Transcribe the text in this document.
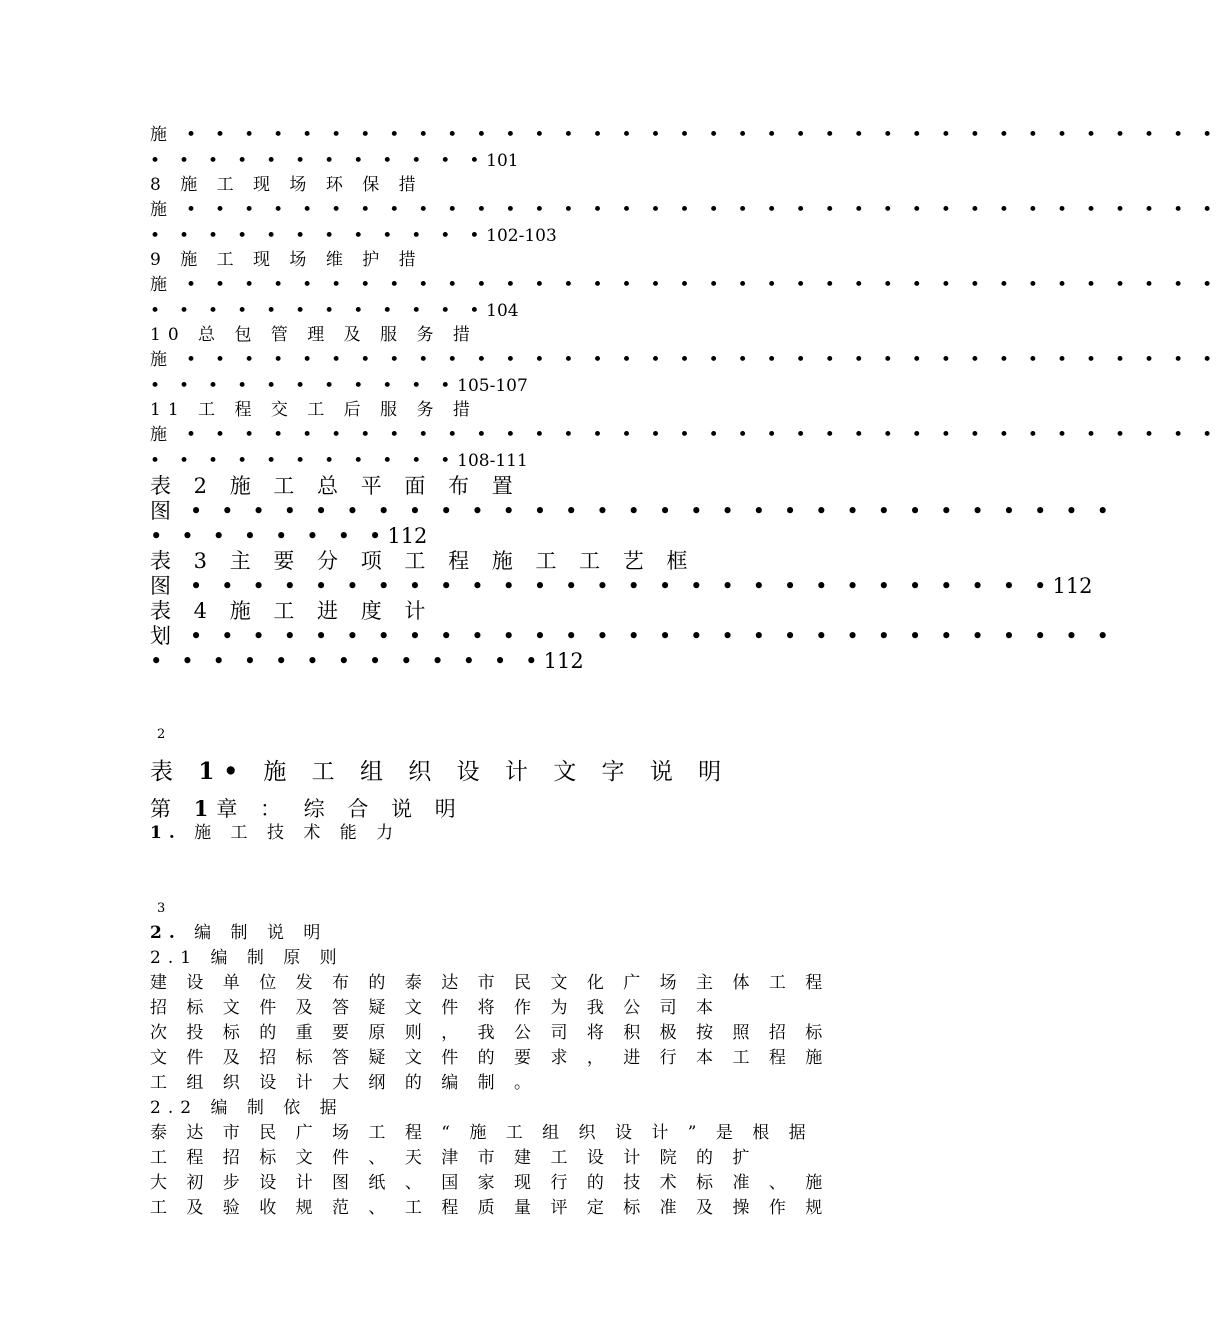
施 • • • • • • • • • • • • • • • • • • • • • • • • • • • • • • • • • • • •
• • • • • • • • • • • •101

8 施 工 现 场 环 保 措

施 • • • • • • • • • • • • • • • • • • • • • • • • • • • • • • • • • • • •
• • • • • • • • • • • •102-103

9 施 工 现 场 维 护 措

施 • • • • • • • • • • • • • • • • • • • • • • • • • • • • • • • • • • • •
• • • • • • • • • • • •104

10 总 包 管 理 及 服 务 措

施 • • • • • • • • • • • • • • • • • • • • • • • • • • • • • • • • • • • •
• • • • • • • • • • •105-107

11 工 程 交 工 后 服 务 措

施 • • • • • • • • • • • • • • • • • • • • • • • • • • • • • • • • • • • •
• • • • • • • • • • •108-111

表 2 施 工 总 平 面 布 置

图 • • • • • • • • • • • • • • • • • • • • • • • • • • • • • •
• • • • • • • •112

表 3 主 要 分 项 工 程 施 工 工 艺 框

图 • • • • • • • • • • • • • • • • • • • • • • • • • • • •112

表 4 施 工 进 度 计

划 • • • • • • • • • • • • • • • • • • • • • • • • • • • • • •
• • • • • • • • • • • • •112

2

表 1• 施 工 组 织 设 计 文 字 说 明

第 1章 ： 综 合 说 明

1. 施 工 技 术 能 力

3

2. 编 制 说 明

2.1 编 制 原 则

建 设 单 位 发 布 的 泰 达 市 民 文 化 广 场 主 体 工 程

招 标 文 件 及 答 疑 文 件 将 作 为 我 公 司 本

次 投 标 的 重 要 原 则 ， 我 公 司 将 积 极 按 照 招 标

文 件 及 招 标 答 疑 文 件 的 要 求 ， 进 行 本 工 程 施

工 组 织 设 计 大 纲 的 编 制 。

2.2 编 制 依 据

泰 达 市 民 广 场 工 程 “ 施 工 组 织 设 计 ” 是 根 据

工 程 招 标 文 件 、 天 津 市 建 工 设 计 院 的 扩

大 初 步 设 计 图 纸 、 国 家 现 行 的 技 术 标 准 、 施

工 及 验 收 规 范 、 工 程 质 量 评 定 标 准 及 操 作 规
